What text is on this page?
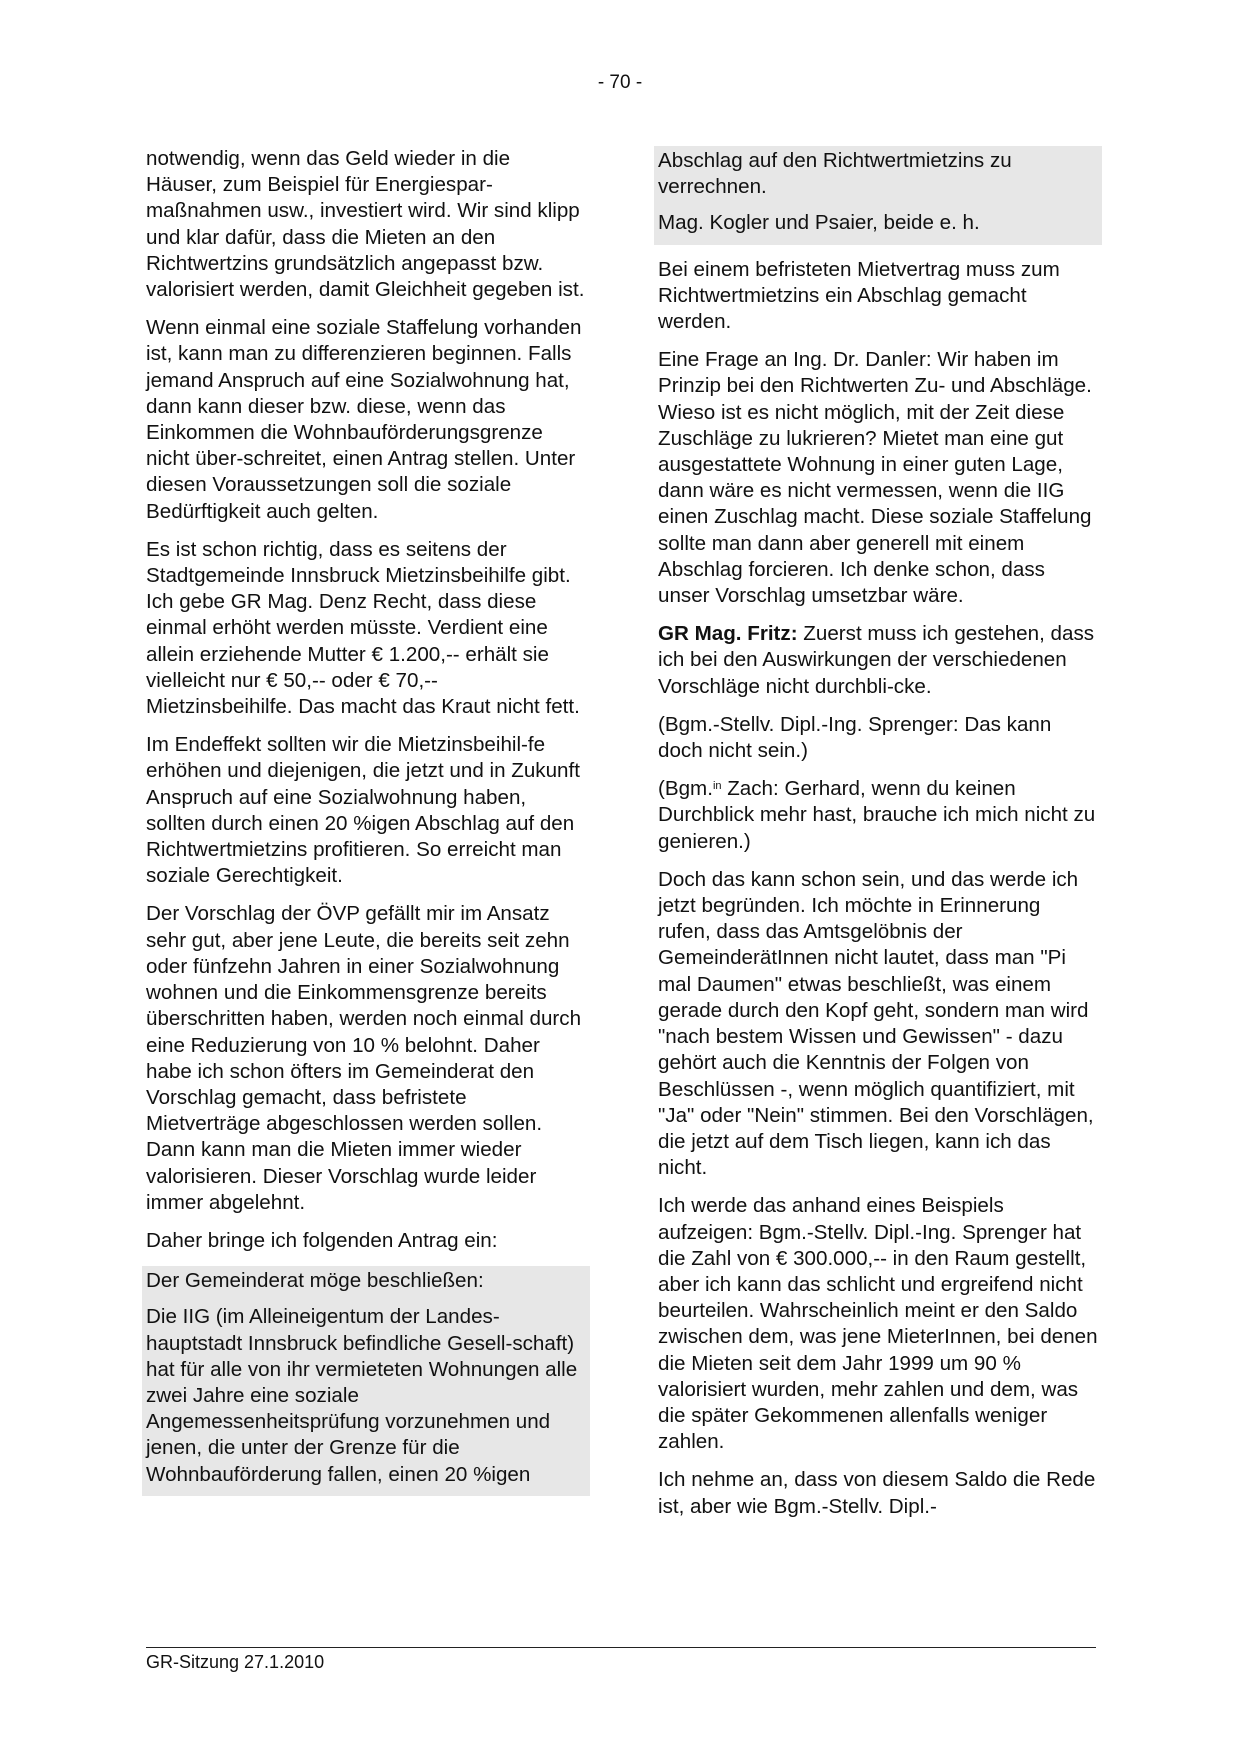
- 70 -

notwendig, wenn das Geld wieder in die Häuser, zum Beispiel für Energiespar-maßnahmen usw., investiert wird. Wir sind klipp und klar dafür, dass die Mieten an den Richtwertzins grundsätzlich angepasst bzw. valorisiert werden, damit Gleichheit gegeben ist.

Wenn einmal eine soziale Staffelung vorhanden ist, kann man zu differenzieren beginnen. Falls jemand Anspruch auf eine Sozialwohnung hat, dann kann dieser bzw. diese, wenn das Einkommen die Wohnbauförderungsgrenze nicht über-schreitet, einen Antrag stellen. Unter diesen Voraussetzungen soll die soziale Bedürftigkeit auch gelten.

Es ist schon richtig, dass es seitens der Stadtgemeinde Innsbruck Mietzinsbeihilfe gibt. Ich gebe GR Mag. Denz Recht, dass diese einmal erhöht werden müsste. Verdient eine allein erziehende Mutter € 1.200,-- erhält sie vielleicht nur € 50,-- oder € 70,-- Mietzinsbeihilfe. Das macht das Kraut nicht fett.

Im Endeffekt sollten wir die Mietzinsbeihil-fe erhöhen und diejenigen, die jetzt und in Zukunft Anspruch auf eine Sozialwohnung haben, sollten durch einen 20 %igen Abschlag auf den Richtwertmietzins profitieren. So erreicht man soziale Gerechtigkeit.

Der Vorschlag der ÖVP gefällt mir im Ansatz sehr gut, aber jene Leute, die bereits seit zehn oder fünfzehn Jahren in einer Sozialwohnung wohnen und die Einkommensgrenze bereits überschritten haben, werden noch einmal durch eine Reduzierung von 10 % belohnt. Daher habe ich schon öfters im Gemeinderat den Vorschlag gemacht, dass befristete Mietverträge abgeschlossen werden sollen. Dann kann man die Mieten immer wieder valorisieren. Dieser Vorschlag wurde leider immer abgelehnt.

Daher bringe ich folgenden Antrag ein:

Der Gemeinderat möge beschließen:

Die IIG (im Alleineigentum der Landes-hauptstadt Innsbruck befindliche Gesell-schaft) hat für alle von ihr vermieteten Wohnungen alle zwei Jahre eine soziale Angemessenheitsprüfung vorzunehmen und jenen, die unter der Grenze für die Wohnbauförderung fallen, einen 20 %igen

Abschlag auf den Richtwertmietzins zu verrechnen.

Mag. Kogler und Psaier, beide e. h.

Bei einem befristeten Mietvertrag muss zum Richtwertmietzins ein Abschlag gemacht werden.

Eine Frage an Ing. Dr. Danler: Wir haben im Prinzip bei den Richtwerten Zu- und Abschläge. Wieso ist es nicht möglich, mit der Zeit diese Zuschläge zu lukrieren? Mietet man eine gut ausgestattete Wohnung in einer guten Lage, dann wäre es nicht vermessen, wenn die IIG einen Zuschlag macht. Diese soziale Staffelung sollte man dann aber generell mit einem Abschlag forcieren. Ich denke schon, dass unser Vorschlag umsetzbar wäre.

GR Mag. Fritz: Zuerst muss ich gestehen, dass ich bei den Auswirkungen der verschiedenen Vorschläge nicht durchbli-cke.

(Bgm.-Stellv. Dipl.-Ing. Sprenger: Das kann doch nicht sein.)

(Bgm.$^{in}$ Zach: Gerhard, wenn du keinen Durchblick mehr hast, brauche ich mich nicht zu genieren.)

Doch das kann schon sein, und das werde ich jetzt begründen. Ich möchte in Erinnerung rufen, dass das Amtsgelöbnis der GemeinderätInnen nicht lautet, dass man "Pi mal Daumen" etwas beschließt, was einem gerade durch den Kopf geht, sondern man wird "nach bestem Wissen und Gewissen" - dazu gehört auch die Kenntnis der Folgen von Beschlüssen -, wenn möglich quantifiziert, mit "Ja" oder "Nein" stimmen. Bei den Vorschlägen, die jetzt auf dem Tisch liegen, kann ich das nicht.

Ich werde das anhand eines Beispiels aufzeigen: Bgm.-Stellv. Dipl.-Ing. Sprenger hat die Zahl von € 300.000,-- in den Raum gestellt, aber ich kann das schlicht und ergreifend nicht beurteilen. Wahrscheinlich meint er den Saldo zwischen dem, was jene MieterInnen, bei denen die Mieten seit dem Jahr 1999 um 90 % valorisiert wurden, mehr zahlen und dem, was die später Gekommenen allenfalls weniger zahlen.

Ich nehme an, dass von diesem Saldo die Rede ist, aber wie Bgm.-Stellv. Dipl.-

GR-Sitzung 27.1.2010
